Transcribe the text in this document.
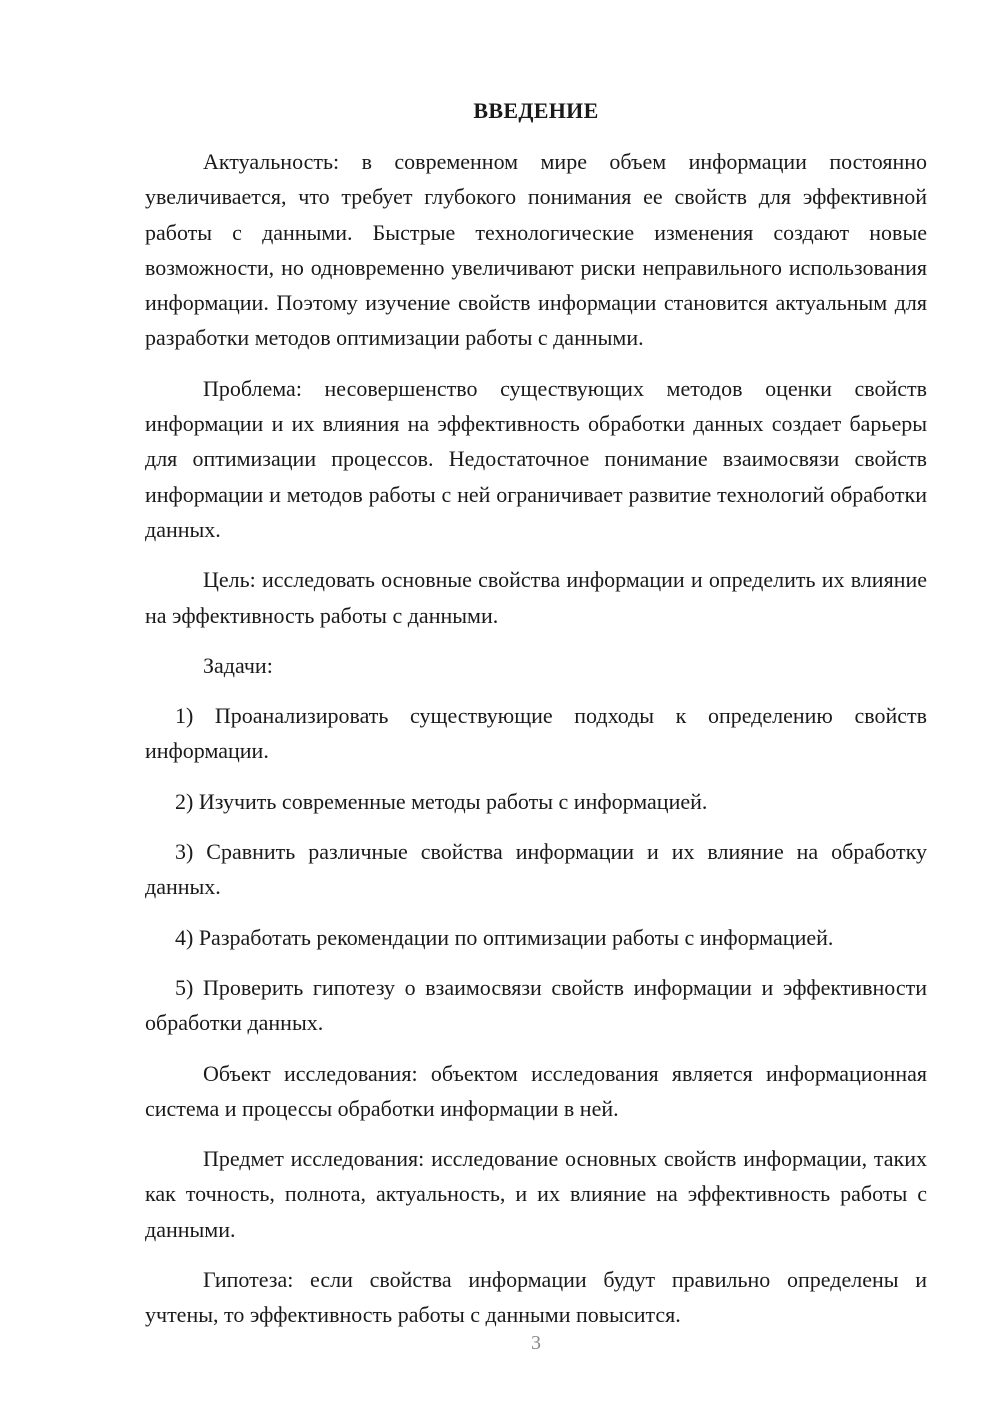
ВВЕДЕНИЕ

Актуальность: в современном мире объем информации постоянно увеличивается, что требует глубокого понимания ее свойств для эффективной работы с данными. Быстрые технологические изменения создают новые возможности, но одновременно увеличивают риски неправильного использования информации. Поэтому изучение свойств информации становится актуальным для разработки методов оптимизации работы с данными.

Проблема: несовершенство существующих методов оценки свойств информации и их влияния на эффективность обработки данных создает барьеры для оптимизации процессов. Недостаточное понимание взаимосвязи свойств информации и методов работы с ней ограничивает развитие технологий обработки данных.

Цель: исследовать основные свойства информации и определить их влияние на эффективность работы с данными.

Задачи:

1) Проанализировать существующие подходы к определению свойств информации.

2) Изучить современные методы работы с информацией.

3) Сравнить различные свойства информации и их влияние на обработку данных.

4) Разработать рекомендации по оптимизации работы с информацией.

5) Проверить гипотезу о взаимосвязи свойств информации и эффективности обработки данных.

Объект исследования: объектом исследования является информационная система и процессы обработки информации в ней.

Предмет исследования: исследование основных свойств информации, таких как точность, полнота, актуальность, и их влияние на эффективность работы с данными.

Гипотеза: если свойства информации будут правильно определены и учтены, то эффективность работы с данными повысится.

3
